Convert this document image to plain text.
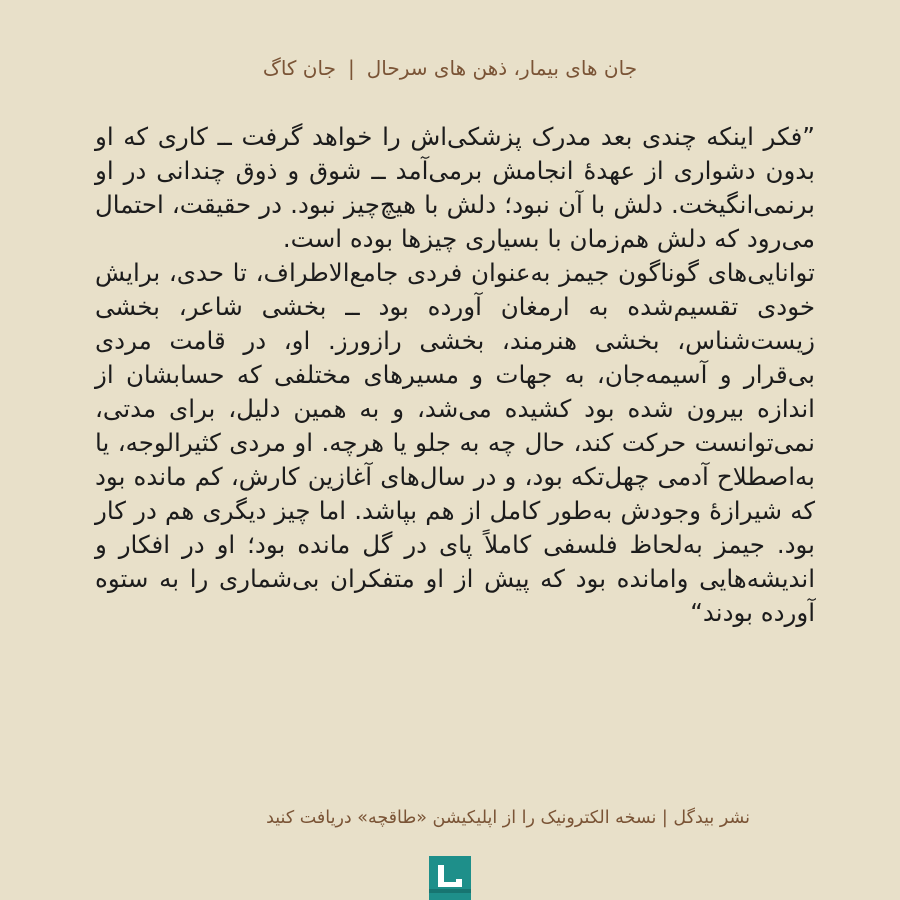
جان های بیمار، ذهن های سرحال|جان کاگ

”فکر اینکه چندی بعد مدرک پزشکی‌اش را خواهد گرفت ــ کاری که او بدون دشواری از عهدهٔ انجامش برمی‌آمد ــ شوق و ذوق چندانی در او برنمی‌انگیخت. دلش با آن نبود؛ دلش با هیچ‌چیز نبود. در حقیقت، احتمال می‌رود که دلش هم‌زمان با بسیاری چیزها بوده است.

توانایی‌های گوناگون جیمز به‌عنوان فردی جامع‌الاطراف، تا حدی، برایش خودی تقسیم‌شده به ارمغان آورده بود ــ بخشی شاعر، بخشی زیست‌شناس، بخشی هنرمند، بخشی رازورز. او، در قامت مردی بی‌قرار و آسیمه‌جان، به جهات و مسیرهای مختلفی که حسابشان از اندازه بیرون شده بود کشیده می‌شد، و به همین دلیل، برای مدتی، نمی‌توانست حرکت کند، حال چه به جلو یا هرچه. او مردی کثیرالوجه، یا به‌اصطلاح آدمی چهل‌تکه بود، و در سال‌های آغازین کارش، کم مانده بود که شیرازهٔ وجودش به‌طور کامل از هم بپاشد. اما چیز دیگری هم در کار بود. جیمز به‌لحاظ فلسفی کاملاً پای در گل مانده بود؛ او در افکار و اندیشه‌هایی وامانده بود که پیش از او متفکران بی‌شماری را به ستوه آورده بودند“

نشر بیدگل | نسخه الکترونیک را از اپلیکیشن «طاقچه» دریافت کنید
